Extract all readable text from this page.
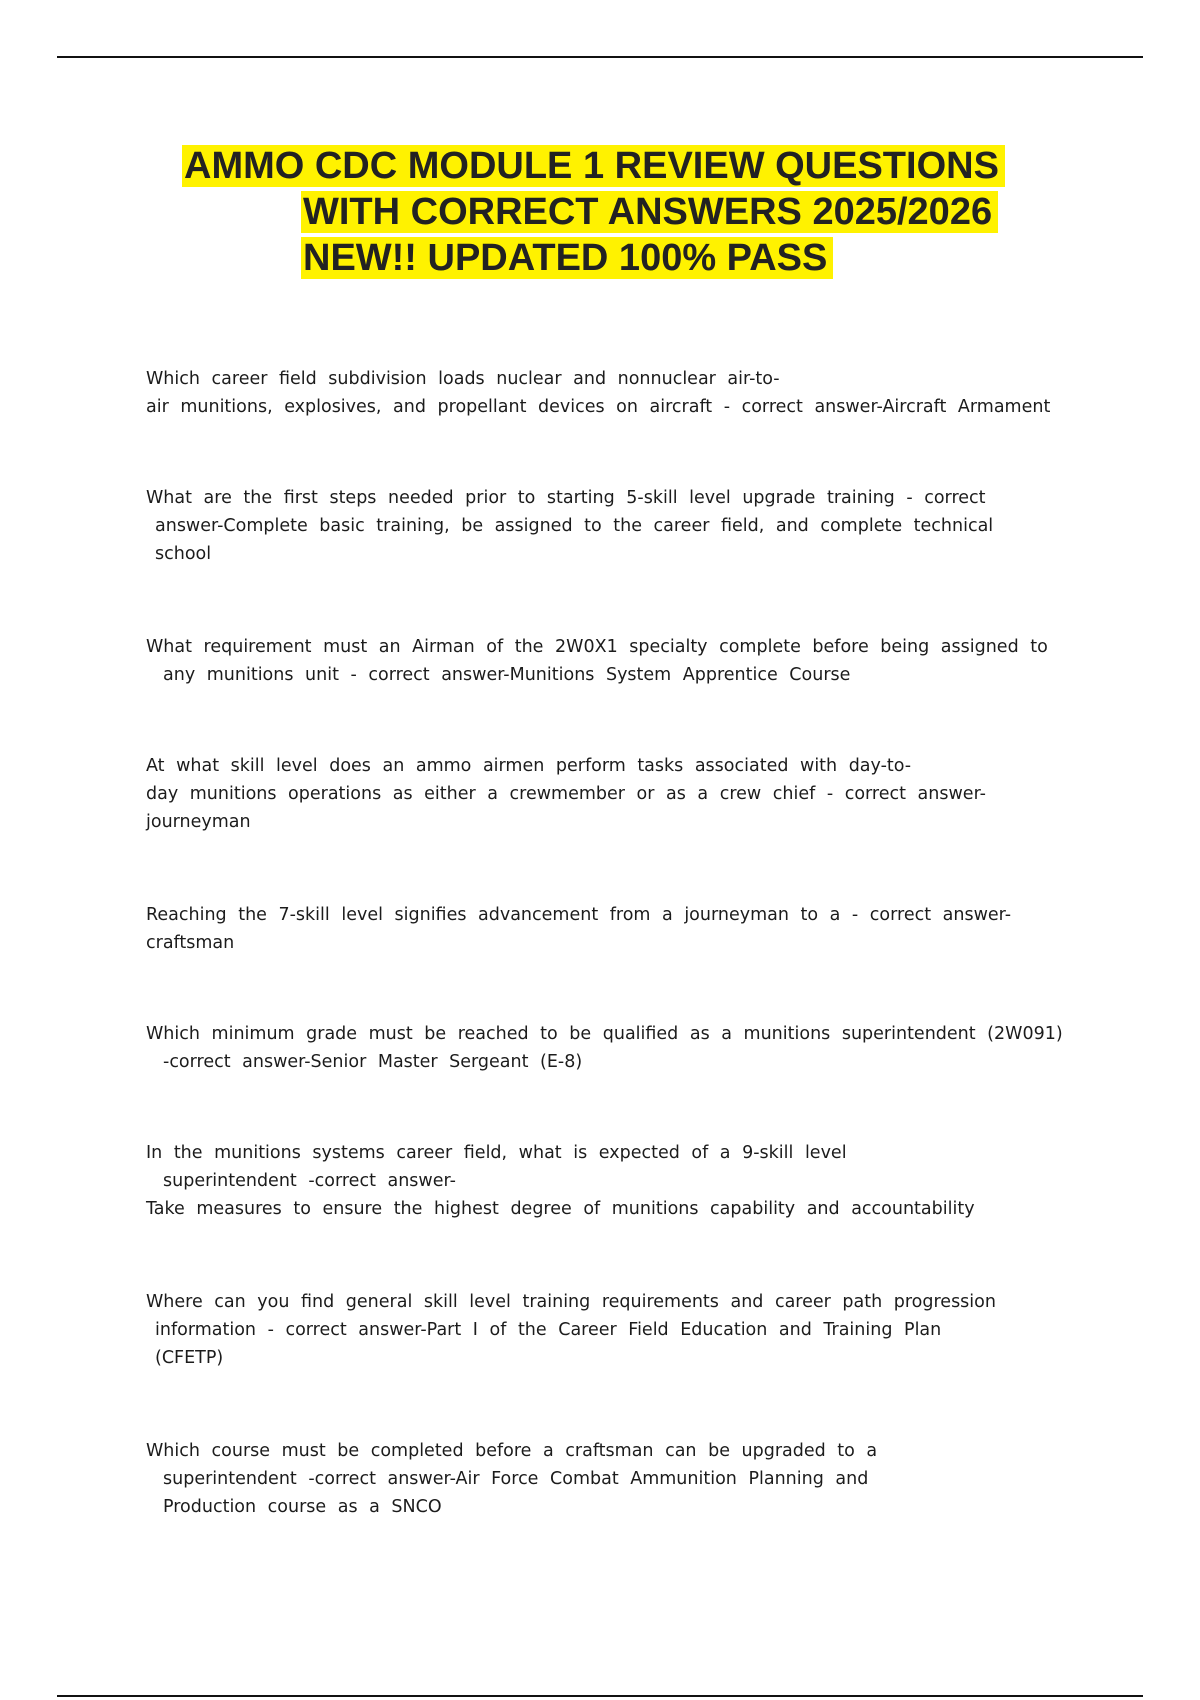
AMMO CDC MODULE 1 REVIEW QUESTIONS
WITH CORRECT ANSWERS 2025/2026
NEW!! UPDATED 100% PASS
Which career field subdivision loads nuclear and nonnuclear air-to-
air munitions, explosives, and propellant devices on aircraft - correct answer-Aircraft Armament
What are the first steps needed prior to starting 5-skill level upgrade training - correct
answer-Complete basic training, be assigned to the career field, and complete technical
school
What requirement must an Airman of the 2W0X1 specialty complete before being assigned to
any munitions unit - correct answer-Munitions System Apprentice Course
At what skill level does an ammo airmen perform tasks associated with day-to-
day munitions operations as either a crewmember or as a crew chief - correct answer-
journeyman
Reaching the 7-skill level signifies advancement from a journeyman to a - correct answer-
craftsman
Which minimum grade must be reached to be qualified as a munitions superintendent (2W091)
-correct answer-Senior Master Sergeant (E-8)
In the munitions systems career field, what is expected of a 9-skill level
superintendent -correct answer-
Take measures to ensure the highest degree of munitions capability and accountability
Where can you find general skill level training requirements and career path progression
information - correct answer-Part I of the Career Field Education and Training Plan
(CFETP)
Which course must be completed before a craftsman can be upgraded to a
superintendent -correct answer-Air Force Combat Ammunition Planning and
Production course as a SNCO
